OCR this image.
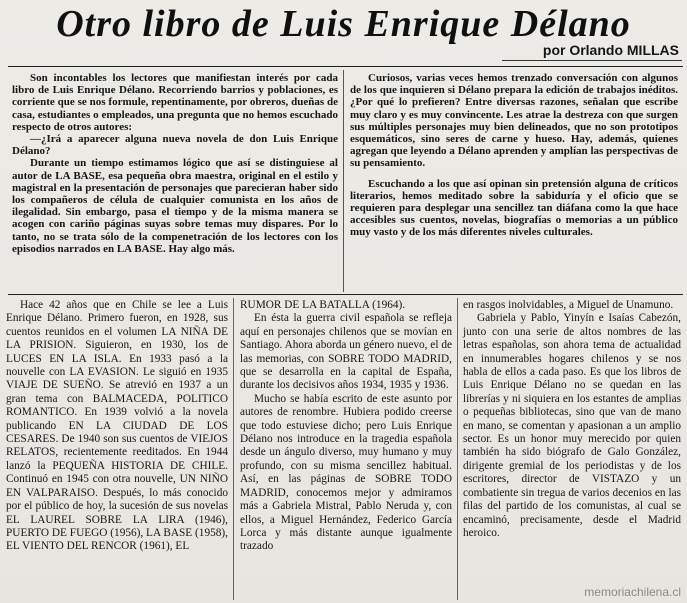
Otro libro de Luis Enrique Délano
por Orlando MILLAS

Son incontables los lectores que manifiestan interés por cada libro de Luis Enrique Délano. Recorriendo barrios y poblaciones, es corriente que se nos formule, repentinamente, por obreros, dueñas de casa, estudiantes o empleados, una pregunta que no hemos escuchado respecto de otros autores:

—¿Irá a aparecer alguna nueva novela de don Luis Enrique Délano?

Durante un tiempo estimamos lógico que así se distinguiese al autor de LA BASE, esa pequeña obra maestra, original en el estilo y magistral en la presentación de personajes que parecieran haber sido los compañeros de célula de cualquier comunista en los años de ilegalidad. Sin embargo, pasa el tiempo y de la misma manera se acogen con cariño páginas suyas sobre temas muy dispares. Por lo tanto, no se trata sólo de la compenetración de los lectores con los episodios narrados en LA BASE. Hay algo más.

Curiosos, varias veces hemos trenzado conversación con algunos de los que inquieren si Délano prepara la edición de trabajos inéditos. ¿Por qué lo prefieren? Entre diversas razones, señalan que escribe muy claro y es muy convincente. Les atrae la destreza con que surgen sus múltiples personajes muy bien delineados, que no son prototipos esquemáticos, sino seres de carne y hueso. Hay, además, quienes agregan que leyendo a Délano aprenden y amplían las perspectivas de su pensamiento.

Escuchando a los que así opinan sin pretensión alguna de críticos literarios, hemos meditado sobre la sabiduría y el oficio que se requieren para desplegar una sencillez tan diáfana como la que hace accesibles sus cuentos, novelas, biografías o memorias a un público muy vasto y de los más diferentes niveles culturales.

Hace 42 años que en Chile se lee a Luis Enrique Délano. Primero fueron, en 1928, sus cuentos reunidos en el volumen LA NIÑA DE LA PRISION. Siguieron, en 1930, los de LUCES EN LA ISLA. En 1933 pasó a la nouvelle con LA EVASION. Le siguió en 1935 VIAJE DE SUEÑO. Se atrevió en 1937 a un gran tema con BALMACEDA, POLITICO ROMANTICO. En 1939 volvió a la novela publicando EN LA CIUDAD DE LOS CESARES. De 1940 son sus cuentos de VIEJOS RELATOS, recientemente reeditados. En 1944 lanzó la PEQUEÑA HISTORIA DE CHILE. Continuó en 1945 con otra nouvelle, UN NIÑO EN VALPARAISO. Después, lo más conocido por el público de hoy, la sucesión de sus novelas EL LAUREL SOBRE LA LIRA (1946), PUERTO DE FUEGO (1956), LA BASE (1958), EL VIENTO DEL RENCOR (1961), EL

RUMOR DE LA BATALLA (1964).

En ésta la guerra civil española se refleja aquí en personajes chilenos que se movían en Santiago. Ahora aborda un género nuevo, el de las memorias, con SOBRE TODO MADRID, que se desarrolla en la capital de España, durante los decisivos años 1934, 1935 y 1936.

Mucho se había escrito de este asunto por autores de renombre. Hubiera podido creerse que todo estuviese dicho; pero Luis Enrique Délano nos introduce en la tragedia española desde un ángulo diverso, muy humano y muy profundo, con su misma sencillez habitual. Así, en las páginas de SOBRE TODO MADRID, conocemos mejor y admiramos más a Gabriela Mistral, Pablo Neruda y, con ellos, a Miguel Hernández, Federico García Lorca y más distante aunque igualmente trazado

en rasgos inolvidables, a Miguel de Unamuno.

Gabriela y Pablo, Yinyín e Isaías Cabezón, junto con una serie de altos nombres de las letras españolas, son ahora tema de actualidad en innumerables hogares chilenos y se nos habla de ellos a cada paso. Es que los libros de Luis Enrique Délano no se quedan en las librerías y ni siquiera en los estantes de amplias o pequeñas bibliotecas, sino que van de mano en mano, se comentan y apasionan a un amplio sector. Es un honor muy merecido por quien también ha sido biógrafo de Galo González, dirigente gremial de los periodistas y de los escritores, director de VISTAZO y un combatiente sin tregua de varios decenios en las filas del partido de los comunistas, al cual se encaminó, precisamente, desde el Madrid heroico.

memoriachilena.cl
